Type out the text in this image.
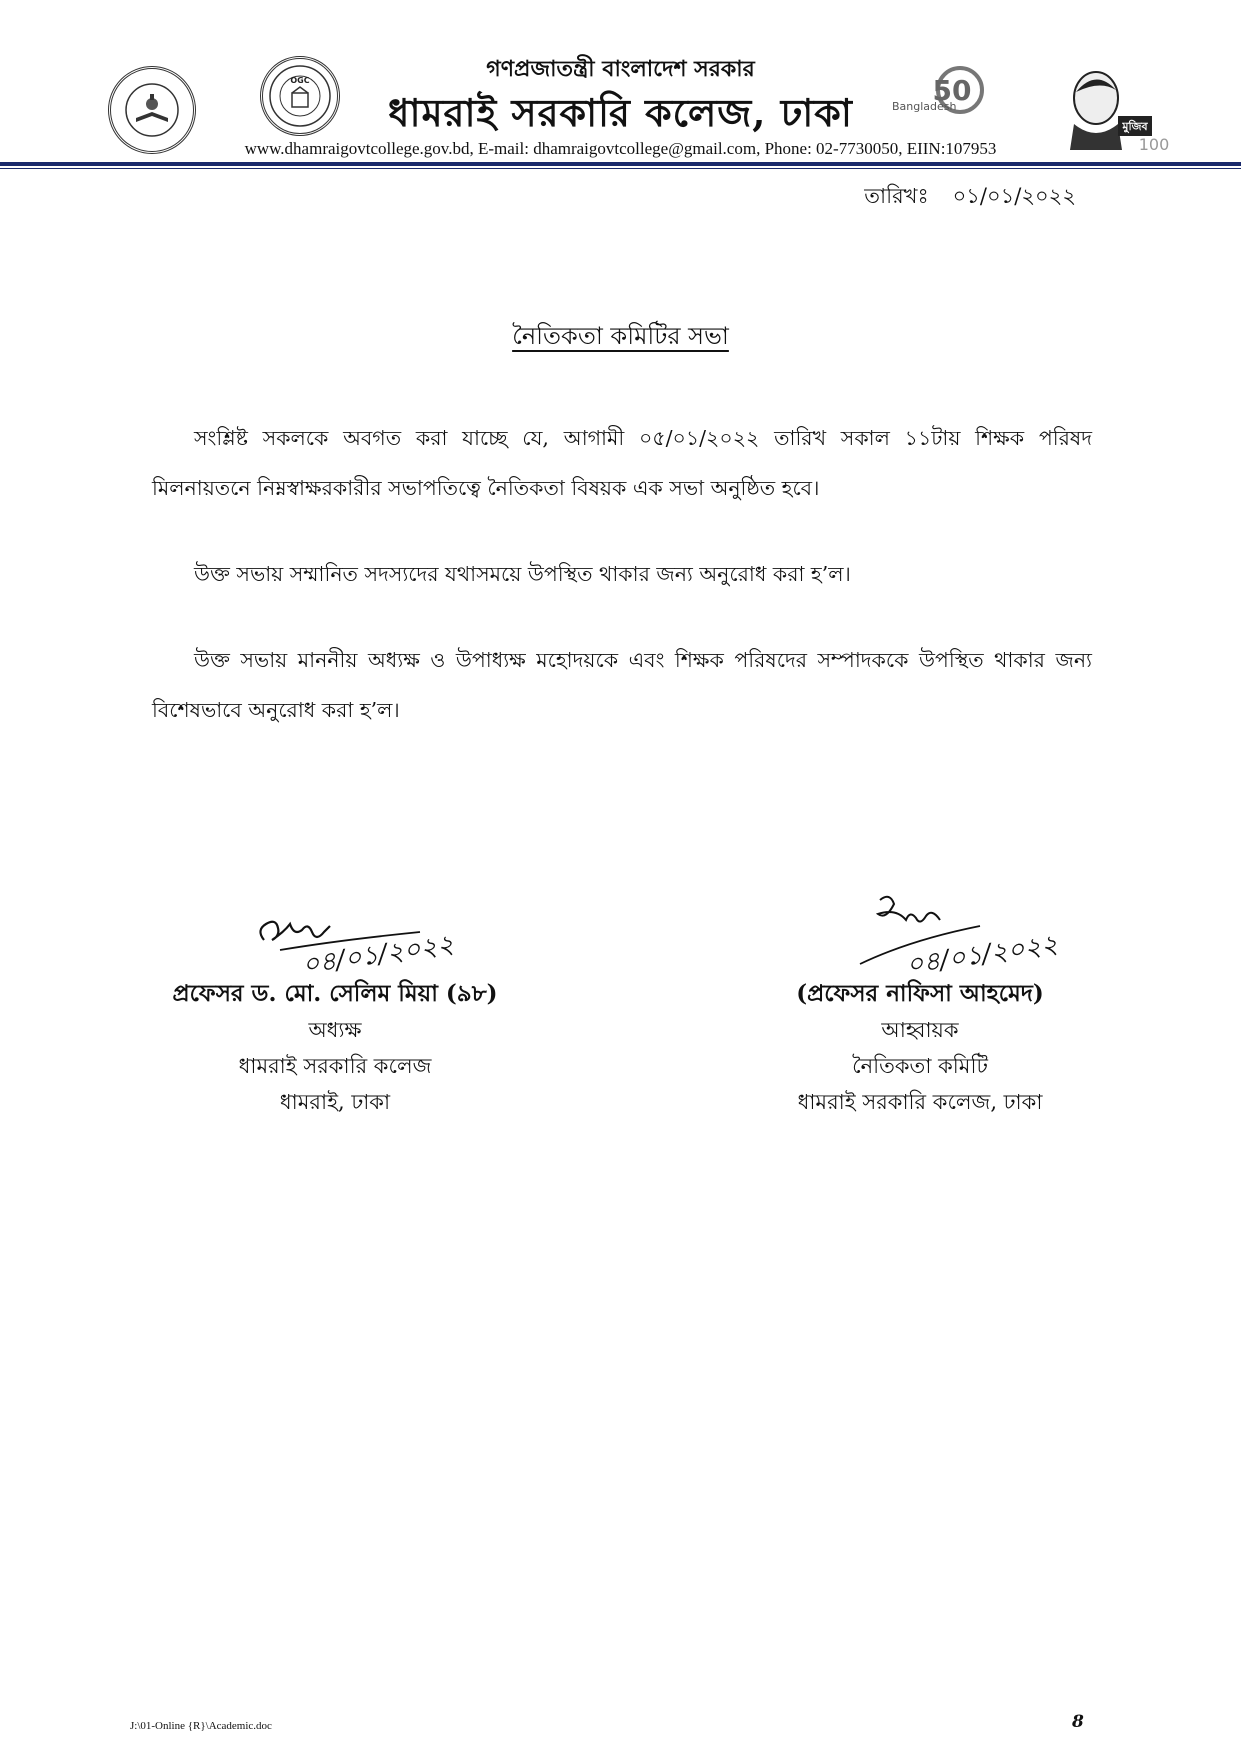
OGC	50
Bangladesh
মুজিব
100
গণপ্রজাতন্ত্রী বাংলাদেশ সরকার
ধামরাই সরকারি কলেজ, ঢাকা
www.dhamraigovtcollege.gov.bd, E-mail: dhamraigovtcollege@gmail.com, Phone: 02-7730050, EIIN:107953
তারিখঃ ০১/০১/২০২২
নৈতিকতা কমিটির সভা
সংশ্লিষ্ট সকলকে অবগত করা যাচ্ছে যে, আগামী ০৫/০১/২০২২ তারিখ সকাল ১১টায় শিক্ষক পরিষদ মিলনায়তনে নিম্নস্বাক্ষরকারীর সভাপতিত্বে নৈতিকতা বিষয়ক এক সভা অনুষ্ঠিত হবে।
উক্ত সভায় সম্মানিত সদস্যদের যথাসময়ে উপস্থিত থাকার জন্য অনুরোধ করা হ’ল।
উক্ত সভায় মাননীয় অধ্যক্ষ ও উপাধ্যক্ষ মহোদয়কে এবং শিক্ষক পরিষদের সম্পাদককে উপস্থিত থাকার জন্য বিশেষভাবে অনুরোধ করা হ’ল।
০৪/০১/২০২২	০৪/০১/২০২২
প্রফেসর ড. মো. সেলিম মিয়া (৯৮)
অধ্যক্ষ
ধামরাই সরকারি কলেজ
ধামরাই, ঢাকা
(প্রফেসর নাফিসা আহমেদ)
আহ্বায়ক
নৈতিকতা কমিটি
ধামরাই সরকারি কলেজ, ঢাকা
J:\01-Online {R}\Academic.doc	8
